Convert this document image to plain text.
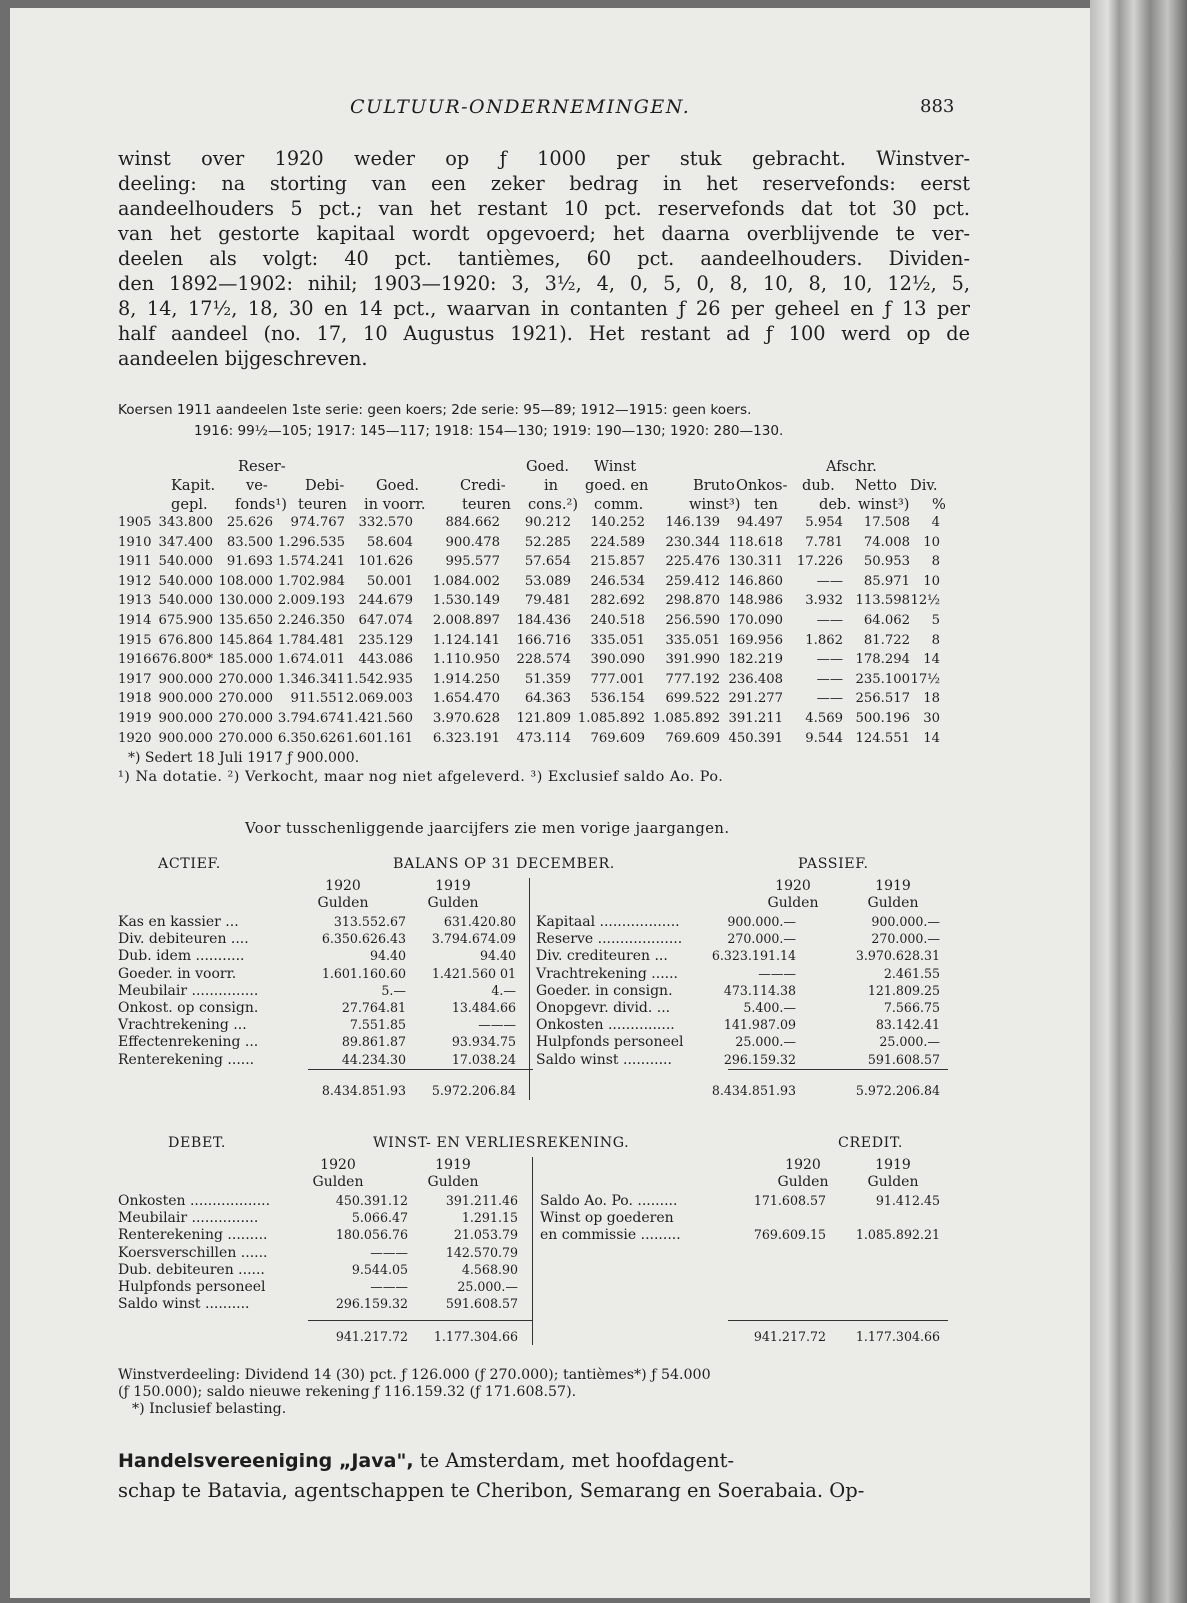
CULTUUR-ONDERNEMINGEN.	883

winst over 1920 weder op ƒ 1000 per stuk gebracht. Winstver-

deeling: na storting van een zeker bedrag in het reservefonds: eerst

aandeelhouders 5 pct.; van het restant 10 pct. reservefonds dat tot 30 pct.

van het gestorte kapitaal wordt opgevoerd; het daarna overblijvende te ver-

deelen als volgt: 40 pct. tantièmes, 60 pct. aandeelhouders. Dividen-

den 1892—1902: nihil; 1903—1920: 3, 3½, 4, 0, 5, 0, 8, 10, 8, 10, 12½, 5,

8, 14, 17½, 18, 30 en 14 pct., waarvan in contanten ƒ 26 per geheel en ƒ 13 per

half aandeel (no. 17, 10 Augustus 1921). Het restant ad ƒ 100 werd op de

aandeelen bijgeschreven.

Koersen 1911 aandeelen 1ste serie: geen koers; 2de serie: 95—89; 1912—1915: geen koers.
1916: 99½—105; 1917: 145—117; 1918: 154—130; 1919: 190—130; 1920: 280—130.
Reser-	Goed. Winst	Afschr.
Kapit. ve-	Debi- Goed.	Credi-	in goed. en	Bruto Onkos- dub. Netto Div.
gepl. fonds¹) teuren in voorr. teuren cons.²) comm.	winst³) ten	deb. winst³) %
1905 343.800 25.626 974.767 332.570 884.662 90.212 140.252 146.139 94.497 5.954 17.508 4
1910 347.400 83.500 1.296.535 58.604 900.478 52.285 224.589 230.344 118.618 7.781 74.008 10
1911 540.000 91.693 1.574.241 101.626 995.577 57.654 215.857 225.476 130.311 17.226 50.953 8
1912 540.000 108.000 1.702.984 50.001 1.084.002 53.089 246.534 259.412 146.860	—— 85.971 10
1913 540.000 130.000 2.009.193 244.679 1.530.149 79.481 282.692 298.870 148.986 3.932 113.598 12½
1914 675.900 135.650 2.246.350 647.074 2.008.897 184.436 240.518 256.590 170.090	—— 64.062 5
1915 676.800 145.864 1.784.481 235.129 1.124.141 166.716 335.051 335.051 169.956 1.862 81.722 8
1916 676.800* 185.000 1.674.011 443.086 1.110.950 228.574 390.090 391.990 182.219	—— 178.294 14
1917 900.000 270.000 1.346.341 1.542.935 1.914.250 51.359 777.001 777.192 236.408	—— 235.100 17½
1918 900.000 270.000 911.551 2.069.003 1.654.470 64.363 536.154 699.522 291.277	—— 256.517 18
1919 900.000 270.000 3.794.674 1.421.560 3.970.628 121.809 1.085.892 1.085.892 391.211 4.569 500.196 30
1920 900.000 270.000 6.350.626 1.601.161 6.323.191 473.114 769.609 769.609 450.391 9.544 124.551 14
*) Sedert 18 Juli 1917 ƒ 900.000.
¹) Na dotatie. ²) Verkocht, maar nog niet afgeleverd. ³) Exclusief saldo Ao. Po.
Voor tusschenliggende jaarcijfers zie men vorige jaargangen.
ACTIEF.	BALANS OP 31 DECEMBER.	PASSIEF.
1920
Gulden
1919
Gulden
1920
Gulden
1919
Gulden
Kas en kassier ...	313.552.67	631.420.80 Kapitaal ..................	900.000.—	900.000.—
Div. debiteuren ....	6.350.626.43 3.794.674.09 Reserve ...................	270.000.—	270.000.—
Dub. idem ...........	94.40	94.40 Div. crediteuren ...	6.323.191.14	3.970.628.31
Goeder. in voorr.	1.601.160.60 1.421.560 01 Vrachtrekening ......	———	2.461.55
Meubilair ...............	5.—	4.— Goeder. in consign.	473.114.38	121.809.25
Onkost. op consign.	27.764.81	13.484.66 Onopgevr. divid. ...	5.400.—	7.566.75
Vrachtrekening ...	7.551.85	——— Onkosten ...............	141.987.09	83.142.41
Effectenrekening ...	89.861.87	93.934.75 Hulpfonds personeel	25.000.—	25.000.—
Renterekening ......	44.234.30	17.038.24 Saldo winst ...........	296.159.32	591.608.57
8.434.851.93 5.972.206.84	8.434.851.93	5.972.206.84
DEBET.	WINST- EN VERLIESREKENING.	CREDIT.
1920
Gulden
1919
Gulden
1920
Gulden
1919
Gulden
Onkosten ..................	450.391.12	391.211.46 Saldo Ao. Po. .........	171.608.57	91.412.45
Meubilair ...............	5.066.47	1.291.15 Winst op goederen
Renterekening .........	180.056.76	21.053.79 en commissie .........	769.609.15 1.085.892.21
Koersverschillen ......	———	142.570.79
Dub. debiteuren ......	9.544.05	4.568.90
Hulpfonds personeel	———	25.000.—
Saldo winst ..........	296.159.32	591.608.57
941.217.72 1.177.304.66	941.217.72 1.177.304.66
Winstverdeeling: Dividend 14 (30) pct. ƒ 126.000 (ƒ 270.000); tantièmes*) ƒ 54.000
(ƒ 150.000); saldo nieuwe rekening ƒ 116.159.32 (ƒ 171.608.57).
*) Inclusief belasting.
Handelsvereeniging „Java", te Amsterdam, met hoofdagent-
schap te Batavia, agentschappen te Cheribon, Semarang en Soerabaia. Op-
